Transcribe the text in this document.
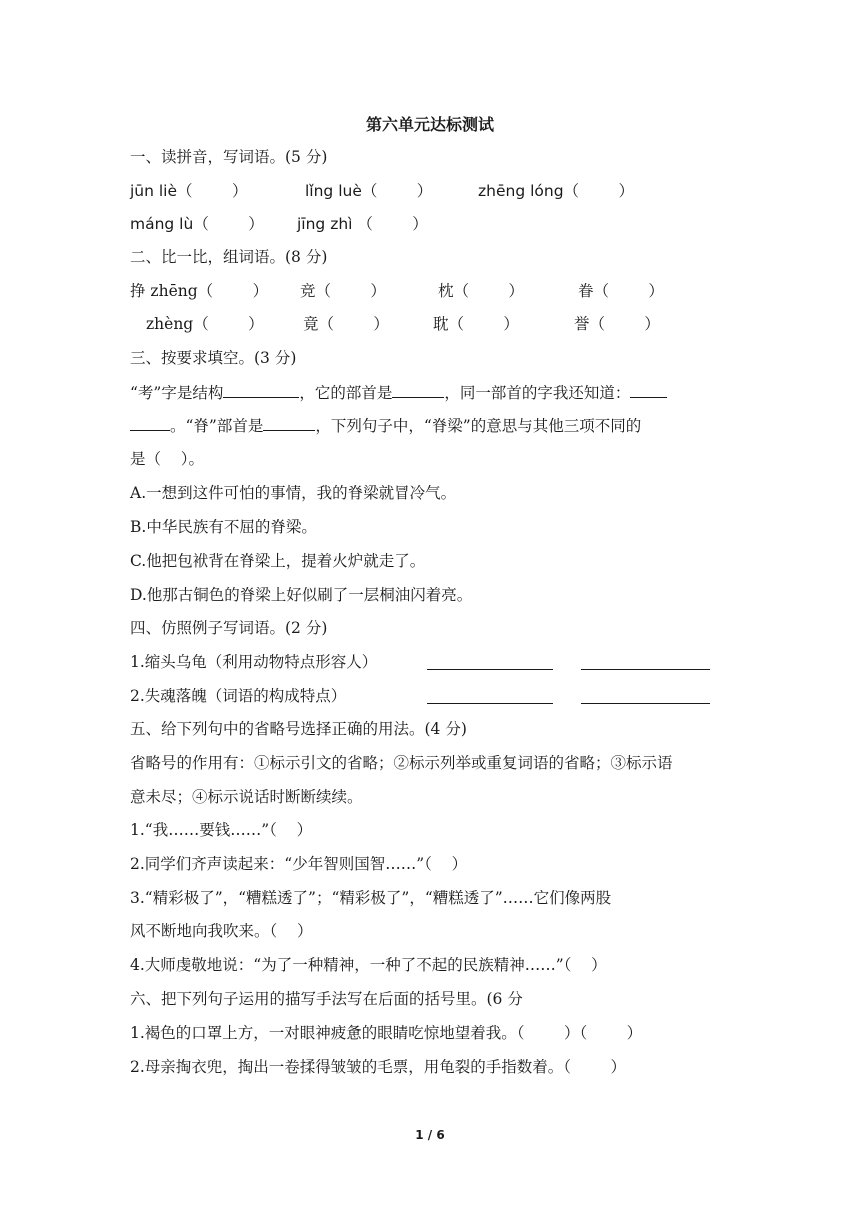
第六单元达标测试
一、读拼音，写词语。(5 分)
jūn liè（        ）	lǐng luè（        ）	zhēng lóng（        ）
máng lù（        ） jīng zhì （        ）
二、比一比，组词语。(8 分)
挣 zhēng（        ） 竞（        ）	枕（        ）	眷（        ）
zhèng（        ）	竟（        ）	耽（        ）	誉（        ）
三、按要求填空。(3 分)
“考”字是结构	，它的部首是	，同一部首的字我还知道：
。“脊”部首是	，下列句子中，“脊梁”的意思与其他三项不同的
是（    ）。
A.一想到这件可怕的事情，我的脊梁就冒冷气。
B.中华民族有不屈的脊梁。
C.他把包袱背在脊梁上，提着火炉就走了。
D.他那古铜色的脊梁上好似刷了一层桐油闪着亮。
四、仿照例子写词语。(2 分)
1.缩头乌龟（利用动物特点形容人）
2.失魂落魄（词语的构成特点）
五、给下列句中的省略号选择正确的用法。(4 分)
省略号的作用有：①标示引文的省略；②标示列举或重复词语的省略；③标示语
意未尽；④标示说话时断断续续。
1.“我……要钱……”（    ）
2.同学们齐声读起来：“少年智则国智……”（    ）
3.“精彩极了”，“糟糕透了”；“精彩极了”，“糟糕透了”……它们像两股
风不断地向我吹来。（    ）
4.大师虔敬地说：“为了一种精神，一种了不起的民族精神……”（    ）
六、把下列句子运用的描写手法写在后面的括号里。(6 分
1.褐色的口罩上方，一对眼神疲惫的眼睛吃惊地望着我。（        ）（        ）
2.母亲掏衣兜，掏出一卷揉得皱皱的毛票，用龟裂的手指数着。（        ）
1 / 6
